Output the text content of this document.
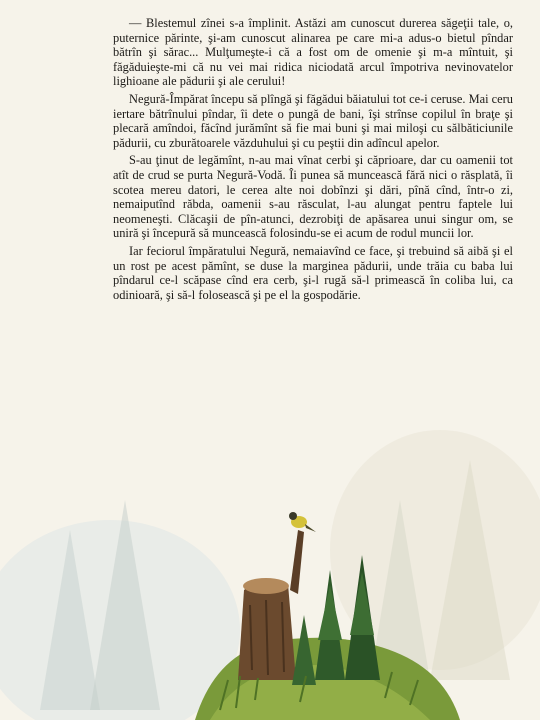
— Blestemul zînei s-a împlinit. Astăzi am cunoscut durerea săgeţii tale, o, puternice părinte, şi-am cunoscut alinarea pe care mi-a adus-o bietul pîndar bătrîn şi sărac... Mulţumeşte-i că a fost om de omenie şi m-a mîntuit, şi făgăduieşte-mi că nu vei mai ridica niciodată arcul împotriva nevinovatelor lighioane ale pădurii şi ale cerului!

Negură-Împărat începu să plîngă şi făgădui băiatului tot ce-i ceruse. Mai ceru iertare bătrînului pîndar, îi dete o pungă de bani, îşi strînse copilul în braţe şi plecară amîndoi, făcînd jurămînt să fie mai buni şi mai miloşi cu sălbăticiunile pădurii, cu zburătoarele văzduhului şi cu peştii din adîncul apelor.

S-au ţinut de legămînt, n-au mai vînat cerbi şi căprioare, dar cu oamenii tot atît de crud se purta Negură-Vodă. Îi punea să muncească fără nici o răsplată, îi scotea mereu datori, le cerea alte noi dobînzi şi dări, pînă cînd, într-o zi, nemaiputînd răbda, oamenii s-au răsculat, l-au alungat pentru faptele lui neomeneşti. Clăcaşii de pîn-atunci, dezrobiţi de apăsarea unui singur om, se uniră şi începură să muncească folosindu-se ei acum de rodul muncii lor.

Iar feciorul împăratului Negură, nemaiavînd ce face, şi trebuind să aibă şi el un rost pe acest pămînt, se duse la marginea pădurii, unde trăia cu baba lui pîndarul ce-l scăpase cînd era cerb, şi-l rugă să-l primească în coliba lui, ca odinioară, şi să-l folosească şi pe el la gospodărie.
